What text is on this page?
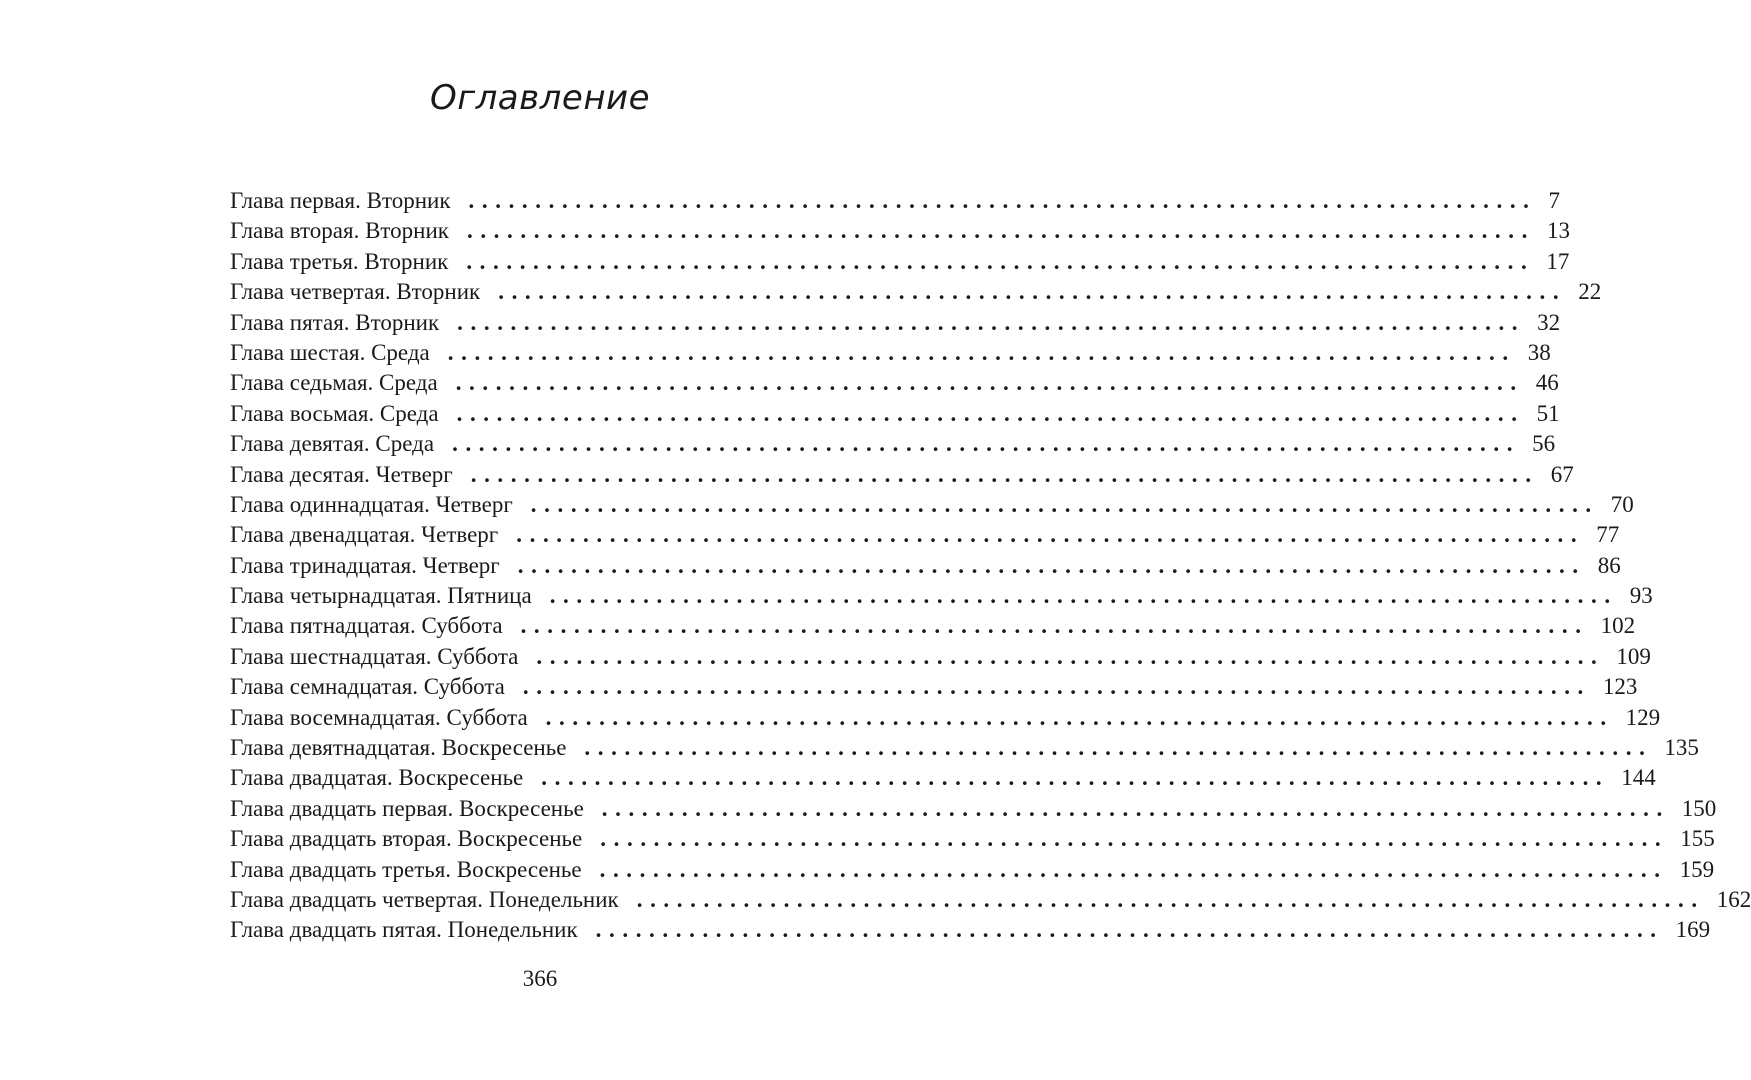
Оглавление
Глава первая. Вторник ................................................................................ 7
Глава вторая. Вторник ................................................................................ 13
Глава третья. Вторник ................................................................................ 17
Глава четвертая. Вторник ................................................................................ 22
Глава пятая. Вторник ................................................................................ 32
Глава шестая. Среда ................................................................................ 38
Глава седьмая. Среда ................................................................................ 46
Глава восьмая. Среда ................................................................................ 51
Глава девятая. Среда ................................................................................ 56
Глава десятая. Четверг ................................................................................ 67
Глава одиннадцатая. Четверг ................................................................................ 70
Глава двенадцатая. Четверг ................................................................................ 77
Глава тринадцатая. Четверг ................................................................................ 86
Глава четырнадцатая. Пятница ................................................................................ 93
Глава пятнадцатая. Суббота ................................................................................ 102
Глава шестнадцатая. Суббота ................................................................................ 109
Глава семнадцатая. Суббота ................................................................................ 123
Глава восемнадцатая. Суббота ................................................................................ 129
Глава девятнадцатая. Воскресенье ................................................................................ 135
Глава двадцатая. Воскресенье ................................................................................ 144
Глава двадцать первая. Воскресенье ................................................................................ 150
Глава двадцать вторая. Воскресенье ................................................................................ 155
Глава двадцать третья. Воскресенье ................................................................................ 159
Глава двадцать четвертая. Понедельник ................................................................................ 162
Глава двадцать пятая. Понедельник ................................................................................ 169
366
